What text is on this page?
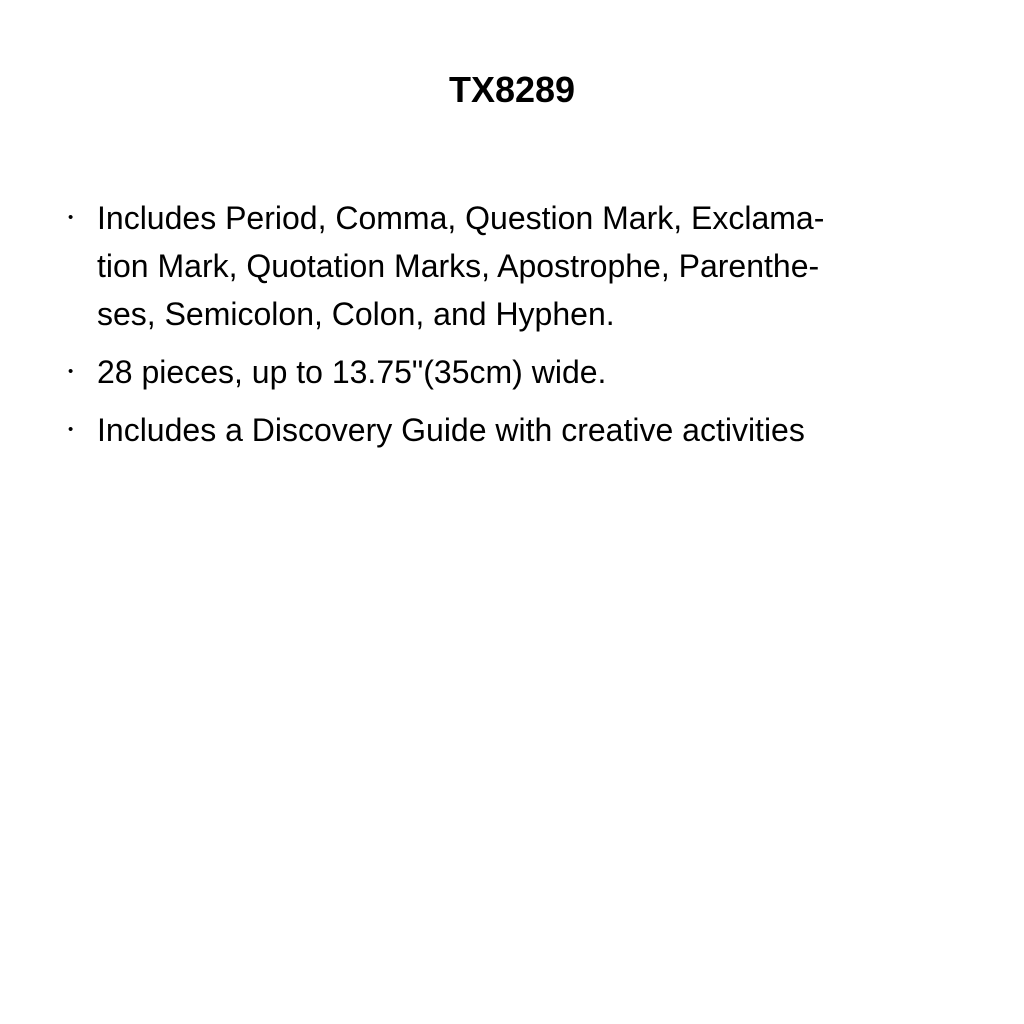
TX8289
• Includes Period, Comma, Question Mark, Exclama-
tion Mark, Quotation Marks, Apostrophe, Parenthe-
ses, Semicolon, Colon, and Hyphen.
• 28 pieces, up to 13.75"(35cm) wide.
• Includes a Discovery Guide with creative activities
